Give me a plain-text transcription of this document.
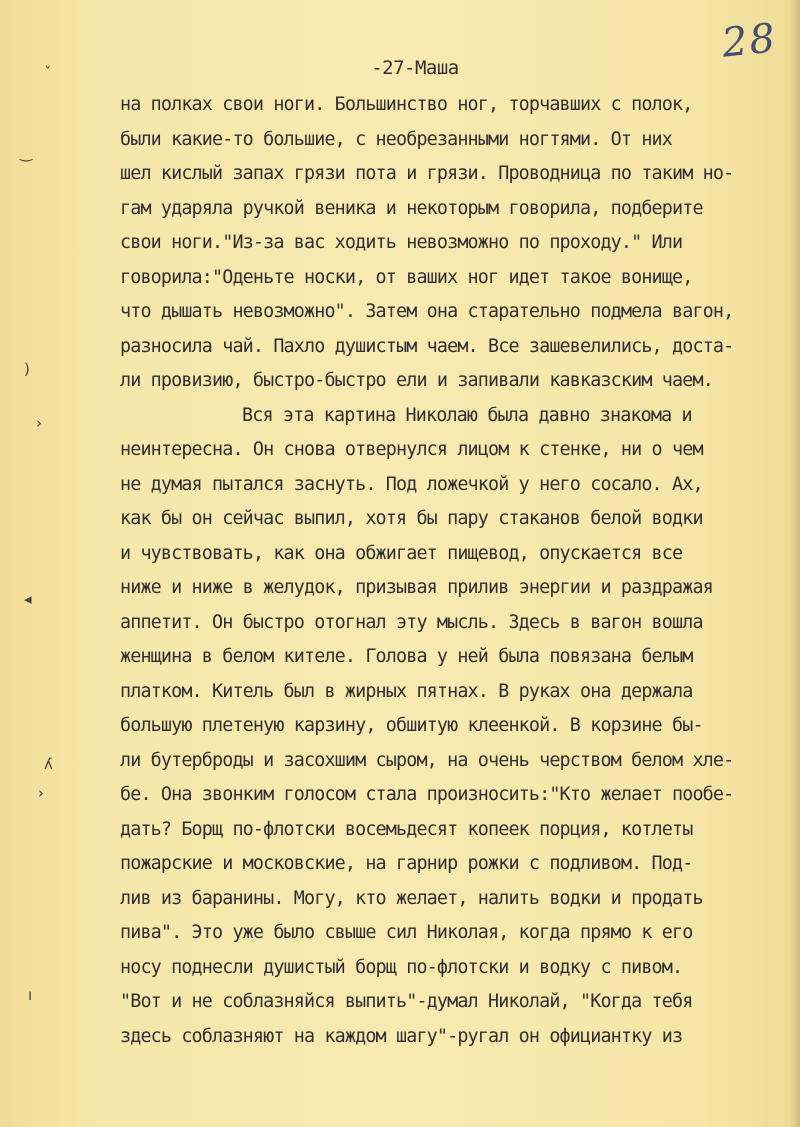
28
-27-Маша
ˇ
‿
)
›
◂
ʎ
›
ı
на полках свои ноги. Большинство ног, торчавших с полок,
были какие-то большие, с необрезанными ногтями. От них
шел кислый запах грязи пота и грязи. Проводница по таким но-
гам ударяла ручкой веника и некоторым говорила, подберите
свои ноги."Из-за вас ходить невозможно по проходу." Или
говорила:"Оденьте носки, от ваших ног идет такое вонище,
что дышать невозможно". Затем она старательно подмела вагон,
разносила чай. Пахло душистым чаем. Все зашевелились, доста-
ли провизию, быстро-быстро ели и запивали кавказским чаем.
Вся эта картина Николаю была давно знакома и
неинтересна. Он снова отвернулся лицом к стенке, ни о чем
не думая пытался заснуть. Под ложечкой у него сосало. Ах,
как бы он сейчас выпил, хотя бы пару стаканов белой водки
и чувствовать, как она обжигает пищевод, опускается все
ниже и ниже в желудок, призывая прилив энергии и раздражая
аппетит. Он быстро отогнал эту мысль. Здесь в вагон вошла
женщина в белом кителе. Голова у ней была повязана белым
платком. Китель был в жирных пятнах. В руках она держала
большую плетеную карзину, обшитую клеенкой. В корзине бы-
ли бутерброды и засохшим сыром, на очень черством белом хле-
бе. Она звонким голосом стала произносить:"Кто желает пообе-
дать? Борщ по-флотски восемьдесят копеек порция, котлеты
пожарские и московские, на гарнир рожки с подливом. Под-
лив из баранины. Могу, кто желает, налить водки и продать
пива". Это уже было свыше сил Николая, когда прямо к его
носу поднесли душистый борщ по-флотски и водку с пивом.
"Вот и не соблазняйся выпить"-думал Николай, "Когда тебя
здесь соблазняют на каждом шагу"-ругал он официантку из
